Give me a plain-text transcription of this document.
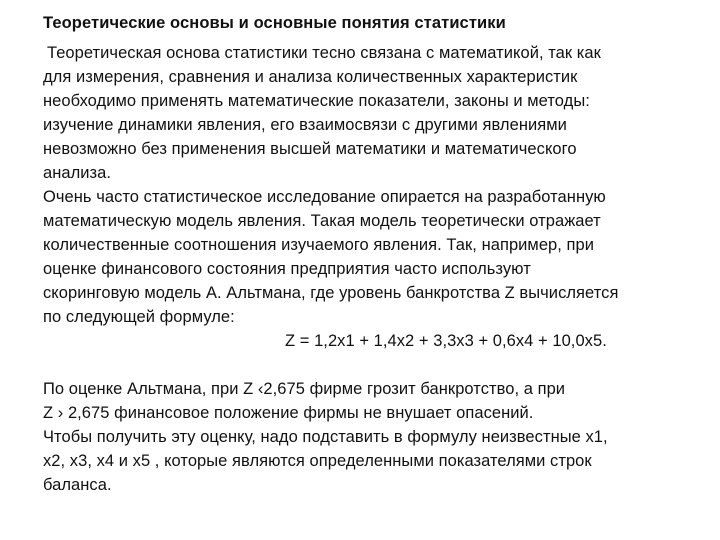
Теоретические основы и основные понятия статистики
Теоретическая основа статистики тесно связана с математикой, так как
для измерения, сравнения и анализа количественных характеристик
необходимо применять математические показатели, законы и методы:
изучение динамики явления, его взаимосвязи с другими явлениями
невозможно без применения высшей математики и математического
анализа.
Очень часто статистическое исследование опирается на разработанную
математическую модель явления. Такая модель теоретически отражает
количественные соотношения изучаемого явления. Так, например, при
оценке финансового состояния предприятия часто используют
скоринговую модель А. Альтмана, где уровень банкротства Z вычисляется
по следующей формуле:
Z = 1,2х1 + 1,4х2 + 3,3х3 + 0,6х4 + 10,0х5.
По оценке Альтмана, при Z ‹2,675 фирме грозит банкротство, а при
Z › 2,675 финансовое положение фирмы не внушает опасений.
Чтобы получить эту оценку, надо подставить в формулу неизвестные х1,
х2, х3, х4 и х5 , которые являются определенными показателями строк
баланса.
